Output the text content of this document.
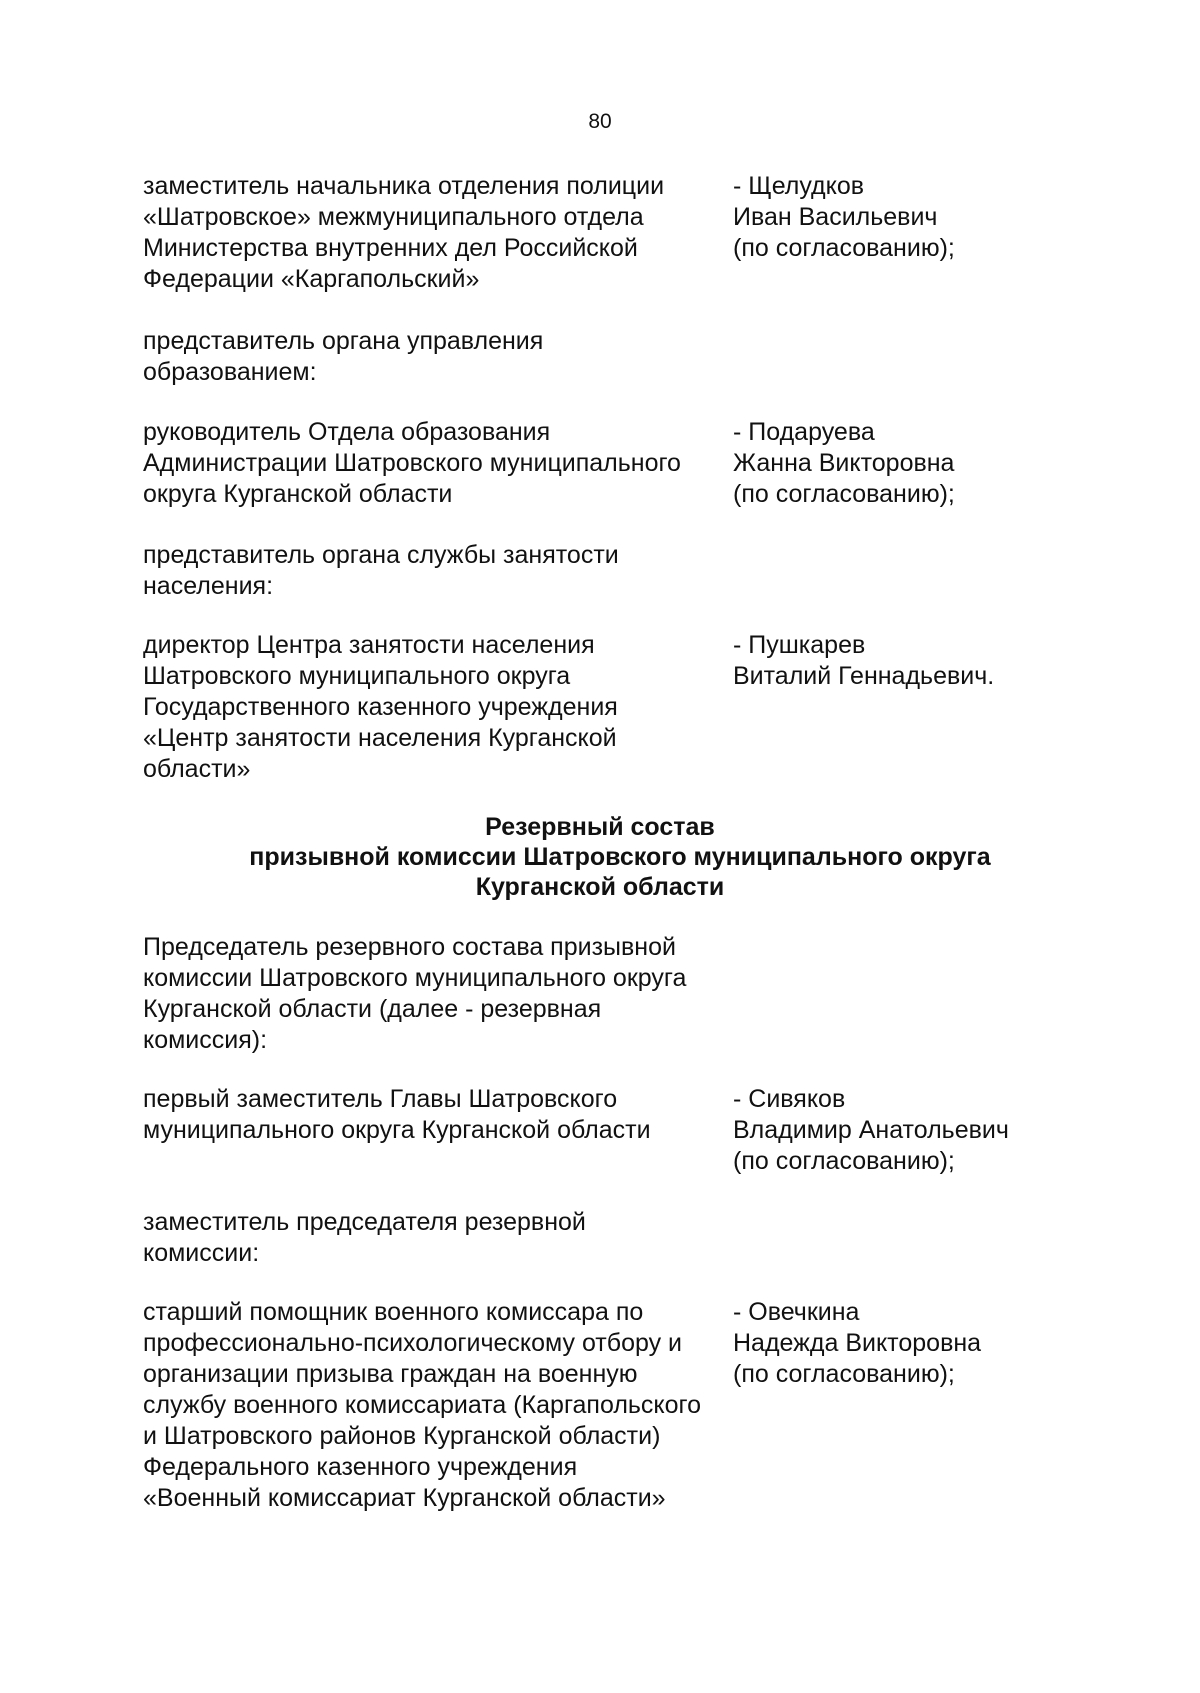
80
заместитель начальника отделения полиции
«Шатровское» межмуниципального отдела
Министерства внутренних дел Российской
Федерации «Каргапольский»
- Щелудков
Иван Васильевич
(по согласованию);
представитель органа управления
образованием:
руководитель Отдела образования
Администрации Шатровского муниципального
округа Курганской области
- Подаруева
Жанна Викторовна
(по согласованию);
представитель органа службы занятости
населения:
директор Центра занятости населения
Шатровского муниципального округа
Государственного казенного учреждения
«Центр занятости населения Курганской
области»
- Пушкарев
Виталий Геннадьевич.
Резервный состав
призывной комиссии Шатровского муниципального округа
Курганской области
Председатель резервного состава призывной
комиссии Шатровского муниципального округа
Курганской области (далее - резервная
комиссия):
первый заместитель Главы Шатровского
муниципального округа Курганской области
- Сивяков
Владимир Анатольевич
(по согласованию);
заместитель председателя резервной
комиссии:
старший помощник военного комиссара по
профессионально-психологическому отбору и
организации призыва граждан на военную
службу военного комиссариата (Каргапольского
и Шатровского районов Курганской области)
Федерального казенного учреждения
«Военный комиссариат Курганской области»
- Овечкина
Надежда Викторовна
(по согласованию);
